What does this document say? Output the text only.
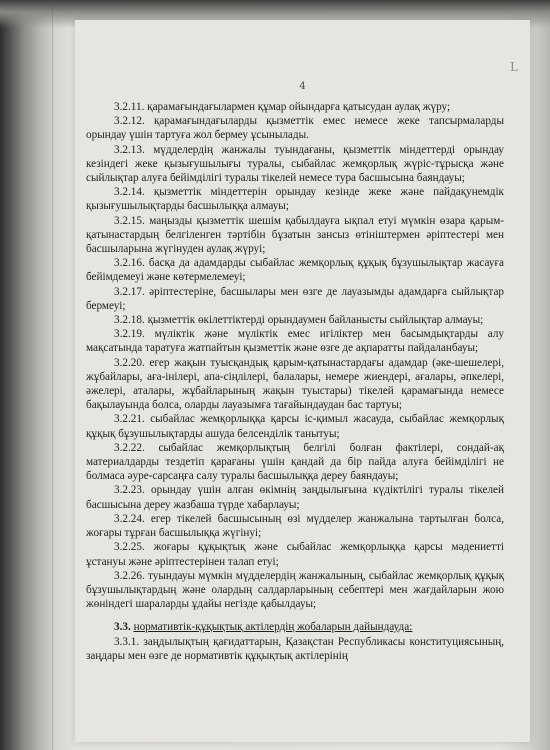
L
4

3.2.11. қарамағындағылармен құмар ойындарға қатысудан аулақ жүру;

3.2.12. қарамағындағыларды қызметтік емес немесе жеке тапсырмаларды орындау үшін тартуға жол бермеу ұсынылады.

3.2.13. мүдделердің жанжалы туындағаны, қызметтік міндеттерді орындау кезіндегі жеке қызығушылығы туралы, сыбайлас жемқорлық жүріс-тұрысқа және сыйлықтар алуға бейімділігі туралы тікелей немесе тура басшысына баяндауы;

3.2.14. қызметтік міндеттерін орындау кезінде жеке және пайдақунемдік қызығушылықтарды басшылыққа алмауы;

3.2.15. маңызды қызметтік шешім қабылдауға ықпал етуі мүмкін өзара қарым-қатынастардың белгіленген тәртібін бұзатын зансыз өтініштермен әріптестері мен басшыларына жүгінуден аулақ жүруі;

3.2.16. басқа да адамдарды сыбайлас жемқорлық құқық бұзушылықтар жасауға бейімдемеуі және көтермелемеуі;

3.2.17. әріптестеріне, басшылары мен өзге де лауазымды адамдарға сыйлықтар бермеуі;

3.2.18. қызметтік өкілеттіктерді орындаумен байланысты сыйлықтар алмауы;

3.2.19. мүліктік және мүліктік емес игіліктер мен басымдықтарды алу мақсатында таратуға жатпайтын қызметтік және өзге де ақпаратты пайдаланбауы;

3.2.20. егер жақын туысқандық қарым-қатынастардағы адамдар (әке-шешелері, жұбайлары, аға-інілері, апа-сіңлілері, балалары, немере жиендері, ағалары, әпкелері, әжелері, аталары, жұбайларының жақын туыстары) тікелей қарамағында немесе бақылауында болса, оларды лауазымға тағайындаудан бас тартуы;

3.2.21. сыбайлас жемқорлыққа қарсы іс-қимыл жасауда, сыбайлас жемқорлық құқық бұзушылықтарды ашуда белсенділік танытуы;

3.2.22. сыбайлас жемқорлықтың белгілі болған фактілері, сондай-ақ материалдарды тездетіп қарағаны үшін қандай да бір пайда алуға бейімділігі не болмаса әуре-сарсаңға салу туралы басшылыққа дереу баяндауы;

3.2.23. орындау үшін алған өкімнің заңдылығына күдіктілігі туралы тікелей басшысына дереу жазбаша түрде хабарлауы;

3.2.24. егер тікелей басшысының өзі мүдделер жанжалына тартылған болса, жоғары тұрған басшылыққа жүгінуі;

3.2.25. жоғары құқықтық және сыбайлас жемқорлыққа қарсы мәдениетті ұстануы және әріптестерінен талап етуі;

3.2.26. туындауы мүмкін мүдделердің жанжалының, сыбайлас жемқорлық құқық бұзушылықтардың және олардың салдарларының себептері мен жағдайларын жою жөніндегі шараларды ұдайы негізде қабылдауы;

3.3. нормативтік-құқықтық актілердің жобаларын дайындауда:

3.3.1. заңдылықтың қағидаттарын, Қазақстан Республикасы конституциясының, заңдары мен өзге де нормативтік құқықтық актілерінің
